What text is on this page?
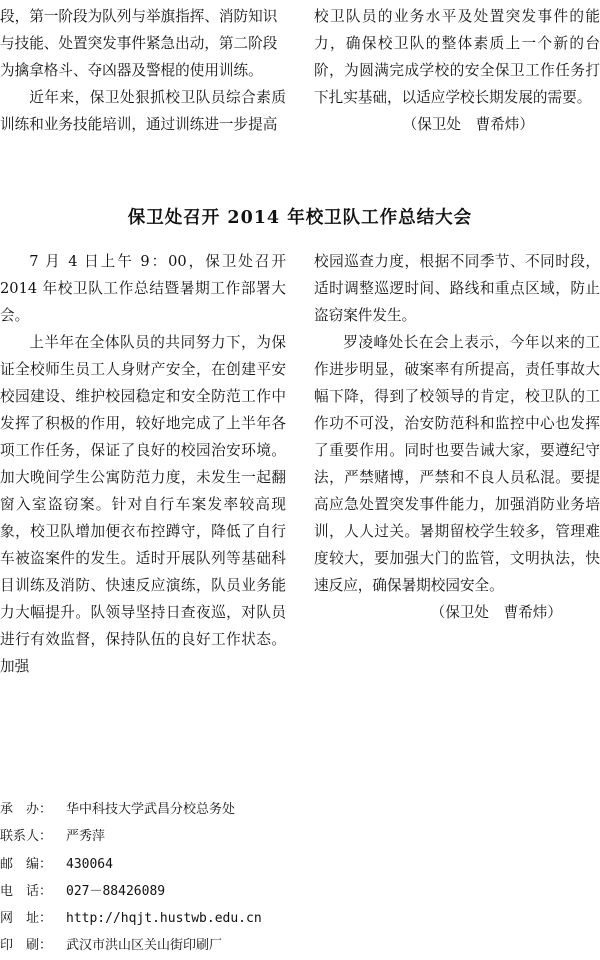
段，第一阶段为队列与举旗指挥、消防知识

与技能、处置突发事件紧急出动，第二阶段

为擒拿格斗、夺凶器及警棍的使用训练。

近年来，保卫处狠抓校卫队员综合素质训练和业务技能培训，通过训练进一步提高

校卫队员的业务水平及处置突发事件的能力，确保校卫队的整体素质上一个新的台阶，为圆满完成学校的安全保卫工作任务打下扎实基础，以适应学校长期发展的需要。

（保卫处　曹希炜）

保卫处召开 2014 年校卫队工作总结大会

7 月 4 日上午 9：00，保卫处召开 2014 年校卫队工作总结暨暑期工作部署大会。

上半年在全体队员的共同努力下，为保证全校师生员工人身财产安全，在创建平安校园建设、维护校园稳定和安全防范工作中发挥了积极的作用，较好地完成了上半年各项工作任务，保证了良好的校园治安环境。加大晚间学生公寓防范力度，未发生一起翻窗入室盗窃案。针对自行车案发率较高现象，校卫队增加便衣布控蹲守，降低了自行车被盗案件的发生。适时开展队列等基础科目训练及消防、快速反应演练，队员业务能力大幅提升。队领导坚持日查夜巡，对队员进行有效监督，保持队伍的良好工作状态。加强

校园巡查力度，根据不同季节、不同时段，适时调整巡逻时间、路线和重点区域，防止盗窃案件发生。

罗凌峰处长在会上表示，今年以来的工作进步明显，破案率有所提高，责任事故大幅下降，得到了校领导的肯定，校卫队的工作功不可没，治安防范科和监控中心也发挥了重要作用。同时也要告诫大家，要遵纪守法，严禁赌博，严禁和不良人员私混。要提高应急处置突发事件能力，加强消防业务培训，人人过关。暑期留校学生较多，管理难度较大，要加强大门的监管，文明执法，快速反应，确保暑期校园安全。

（保卫处　曹希炜）

承　办：	华中科技大学武昌分校总务处
联系人：	严秀萍
邮　编：	430064
电　话：	027－88426089
网　址：	http://hqjt.hustwb.edu.cn
印　刷：	武汉市洪山区关山街印刷厂
